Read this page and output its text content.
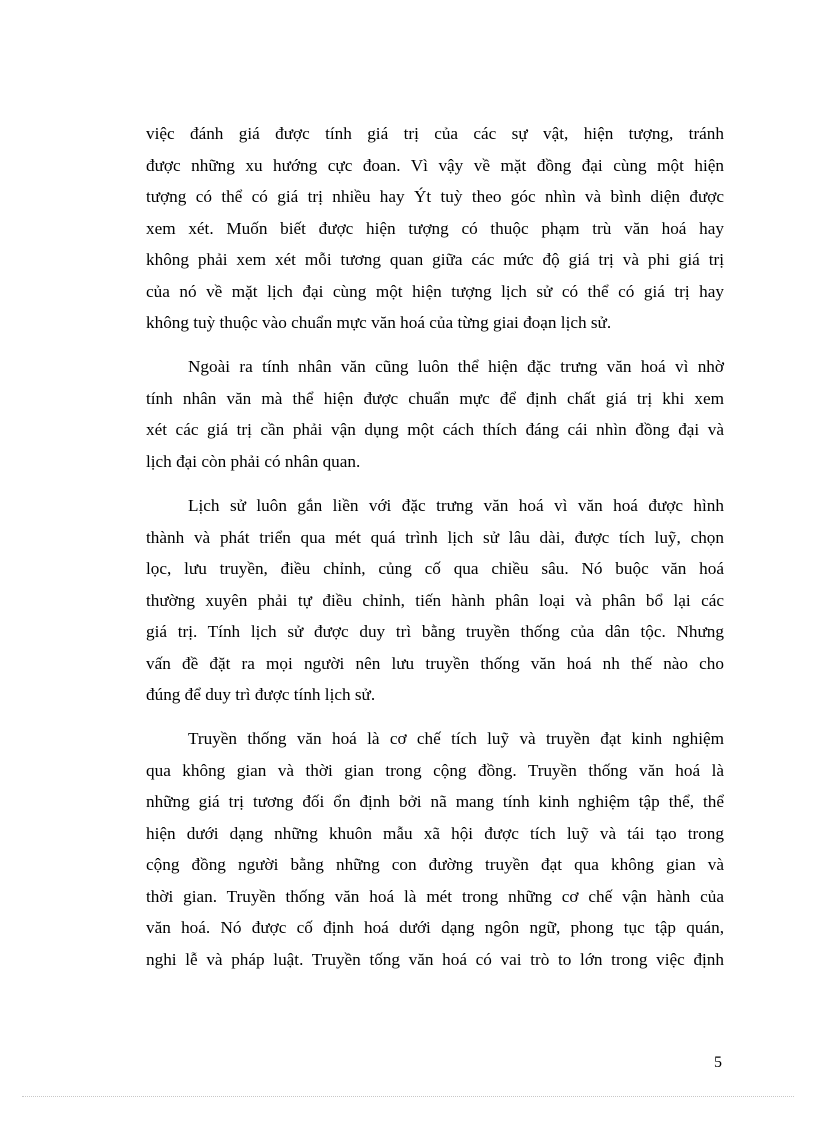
việc đánh giá được tính giá trị của các sự vật, hiện tượng, tránh
được những xu hướng cực đoan. Vì vậy về mặt đồng đại cùng một hiện
tượng có thể có giá trị nhiều hay Ýt tuỳ theo góc nhìn và bình diện được
xem xét. Muốn biết được hiện tượng có thuộc phạm trù văn hoá hay
không phải xem xét mỗi tương quan giữa các mức độ giá trị và phi giá trị
của nó về mặt lịch đại cùng một hiện tượng lịch sử có thể có giá trị hay
không tuỳ thuộc vào chuẩn mực văn hoá của từng giai đoạn lịch sử.
Ngoài ra tính nhân văn cũng luôn thể hiện đặc trưng văn hoá vì nhờ
tính nhân văn mà thể hiện được chuẩn mực để định chất giá trị khi xem
xét các giá trị cần phải vận dụng một cách thích đáng cái nhìn đồng đại và
lịch đại còn phải có nhân quan.
Lịch sử luôn gắn liền với đặc trưng văn hoá vì văn hoá được hình
thành và phát triển qua mét quá trình lịch sử lâu dài, được tích luỹ, chọn
lọc, lưu truyền, điều chỉnh, củng cố qua chiều sâu. Nó buộc văn hoá
thường xuyên phải tự điều chỉnh, tiến hành phân loại và phân bổ lại các
giá trị. Tính lịch sử được duy trì bằng truyền thống của dân tộc. Nhưng
vấn đề đặt ra mọi người nên lưu truyền thống văn hoá nh thế nào cho
đúng để duy trì được tính lịch sử.
Truyền thống văn hoá là cơ chế tích luỹ và truyền đạt kinh nghiệm
qua không gian và thời gian trong cộng đồng. Truyền thống văn hoá là
những giá trị tương đối ổn định bởi nã mang tính kinh nghiệm tập thể, thể
hiện dưới dạng những khuôn mẫu xã hội được tích luỹ và tái tạo trong
cộng đồng người bằng những con đường truyền đạt qua không gian và
thời gian. Truyền thống văn hoá là mét trong những cơ chế vận hành của
văn hoá. Nó được cố định hoá dưới dạng ngôn ngữ, phong tục tập quán,
nghi lễ và pháp luật. Truyền tống văn hoá có vai trò to lớn trong việc định
5
